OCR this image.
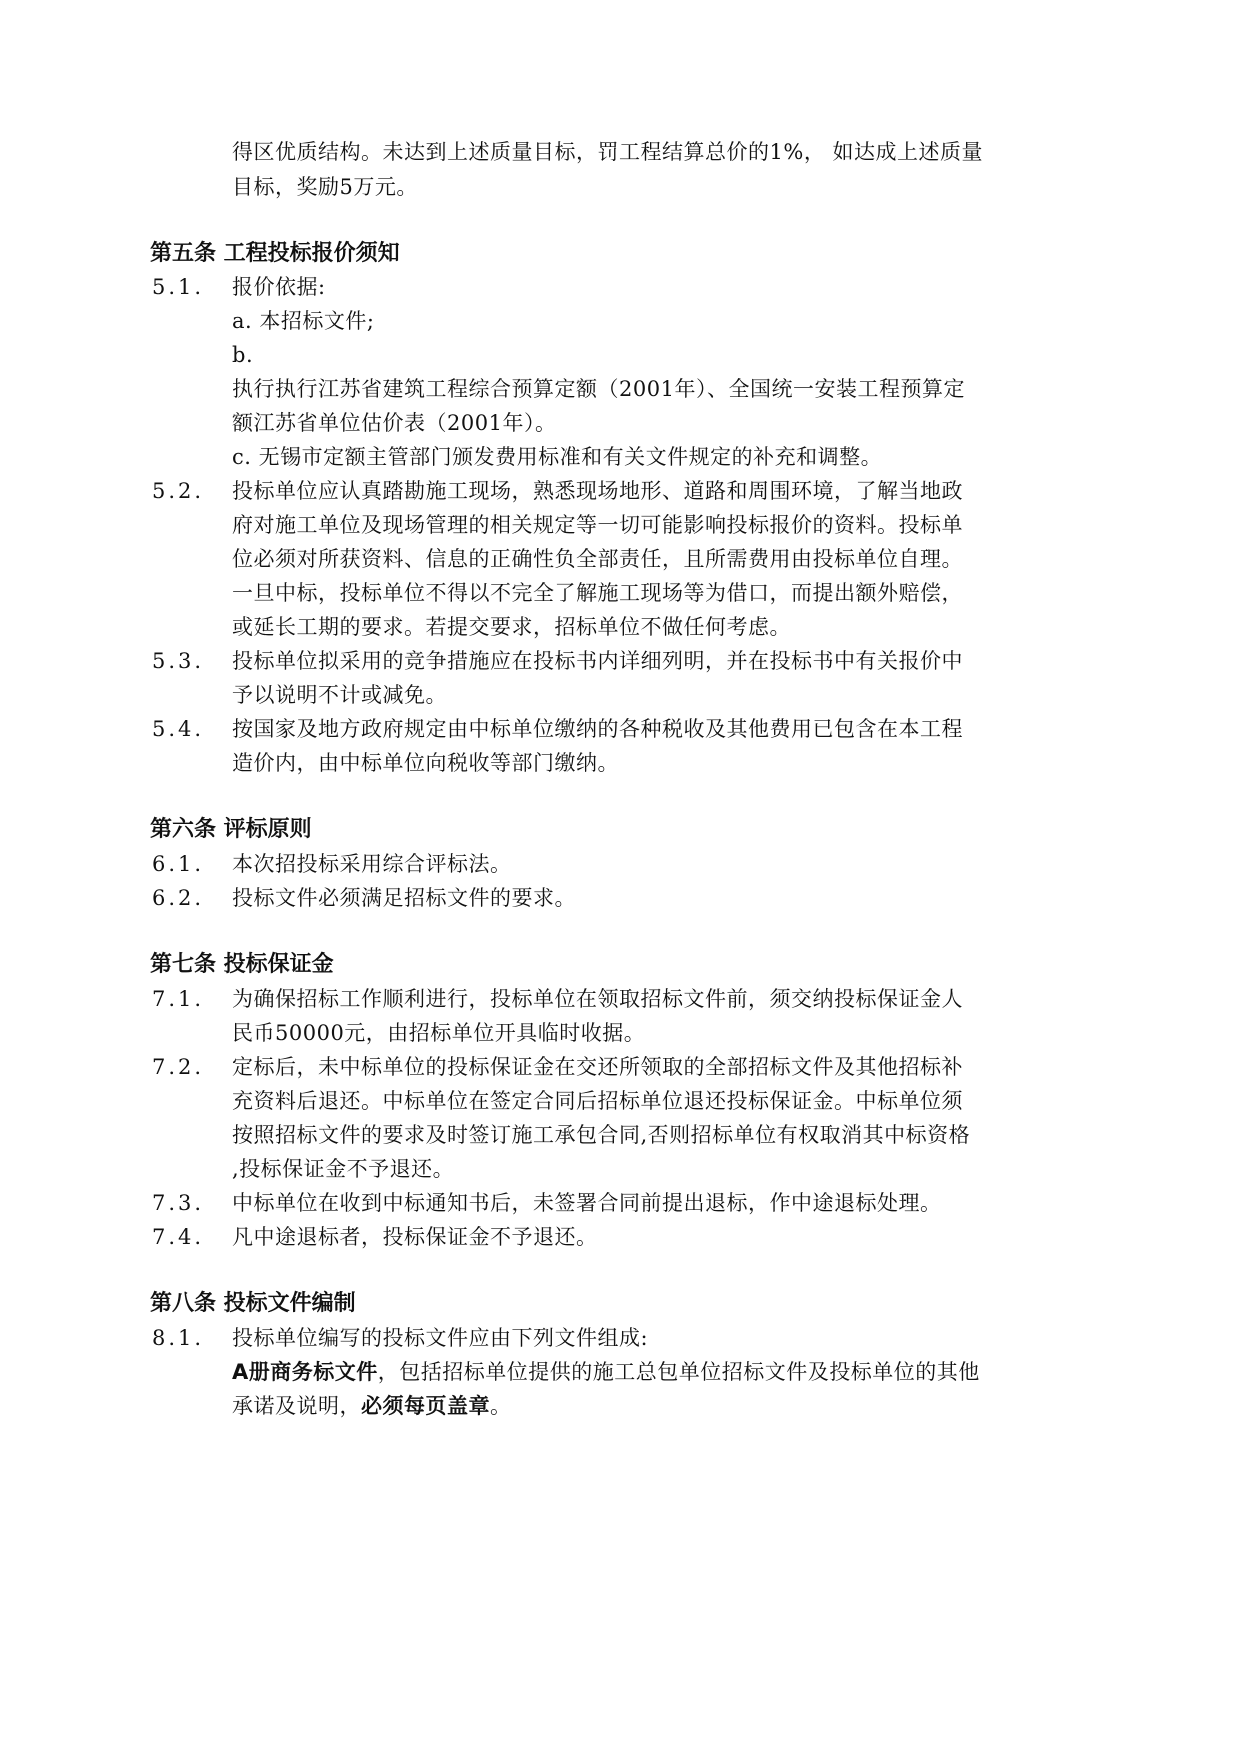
得区优质结构。未达到上述质量目标，罚工程结算总价的1%， 如达成上述质量
目标，奖励5万元。
第五条 工程投标报价须知
5.1. 报价依据:
a. 本招标文件;
b.
执行执行江苏省建筑工程综合预算定额（2001年）、全国统一安装工程预算定
额江苏省单位估价表（2001年）。
c. 无锡市定额主管部门颁发费用标准和有关文件规定的补充和调整。
5.2. 投标单位应认真踏勘施工现场，熟悉现场地形、道路和周围环境，了解当地政
府对施工单位及现场管理的相关规定等一切可能影响投标报价的资料。投标单
位必须对所获资料、信息的正确性负全部责任，且所需费用由投标单位自理。
一旦中标，投标单位不得以不完全了解施工现场等为借口，而提出额外赔偿，
或延长工期的要求。若提交要求，招标单位不做任何考虑。
5.3. 投标单位拟采用的竞争措施应在投标书内详细列明，并在投标书中有关报价中
予以说明不计或减免。
5.4. 按国家及地方政府规定由中标单位缴纳的各种税收及其他费用已包含在本工程
造价内，由中标单位向税收等部门缴纳。
第六条 评标原则
6.1. 本次招投标采用综合评标法。
6.2. 投标文件必须满足招标文件的要求。
第七条 投标保证金
7.1. 为确保招标工作顺利进行，投标单位在领取招标文件前，须交纳投标保证金人
民币50000元，由招标单位开具临时收据。
7.2. 定标后，未中标单位的投标保证金在交还所领取的全部招标文件及其他招标补
充资料后退还。中标单位在签定合同后招标单位退还投标保证金。中标单位须
按照招标文件的要求及时签订施工承包合同,否则招标单位有权取消其中标资格
,投标保证金不予退还。
7.3. 中标单位在收到中标通知书后，未签署合同前提出退标，作中途退标处理。
7.4. 凡中途退标者，投标保证金不予退还。
第八条 投标文件编制
8.1. 投标单位编写的投标文件应由下列文件组成:
A册商务标文件，包括招标单位提供的施工总包单位招标文件及投标单位的其他
承诺及说明，必须每页盖章。
